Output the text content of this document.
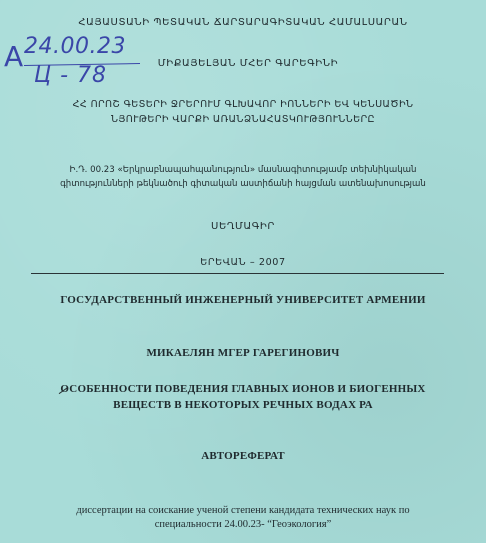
A 24.00.23
Ц - 78
ՀԱՅԱՍՏԱՆԻ ՊԵՏԱԿԱՆ ՃԱՐՏԱՐԱԳԻՏԱԿԱՆ ՀԱՄԱԼՍԱՐԱՆ
ՄԻՔԱՅԵԼՅԱՆ ՄՀԵՐ ԳԱՐԵԳԻՆԻ
ՀՀ ՈՐՈՇ ԳԵՏԵՐԻ ՋՐԵՐՈՒՄ ԳԼԽԱՎՈՐ ԻՈՆՆԵՐԻ ԵՎ ԿԵՆՍԱԾԻՆ
ՆՅՈՒԹԵՐԻ ՎԱՐՔԻ ԱՌԱՆՁՆԱՀԱՏԿՈՒԹՅՈՒՆՆԵՐԸ
Ի.Դ. 00.23 «Երկրաբնապահպանություն» մասնագիտությամբ տեխնիկական
գիտությունների թեկնածուի գիտական աստիճանի հայցման ատենախոսության
ՍԵՂՄԱԳԻՐ
ԵՐԵՎԱՆ – 2007
ГОСУДАРСТВЕННЫЙ ИНЖЕНЕРНЫЙ УНИВЕРСИТЕТ АРМЕНИИ
МИКАЕЛЯН МГЕР ГАРЕГИНОВИЧ
ОСОБЕННОСТИ ПОВЕДЕНИЯ ГЛАВНЫХ ИОНОВ И БИОГЕННЫХ
ВЕЩЕСТВ В НЕКОТОРЫХ РЕЧНЫХ ВОДАХ РА
АВТОРЕФЕРАТ
диссертации на соискание ученой степени кандидата технических наук по
специальности 24.00.23- “Геоэкология”
